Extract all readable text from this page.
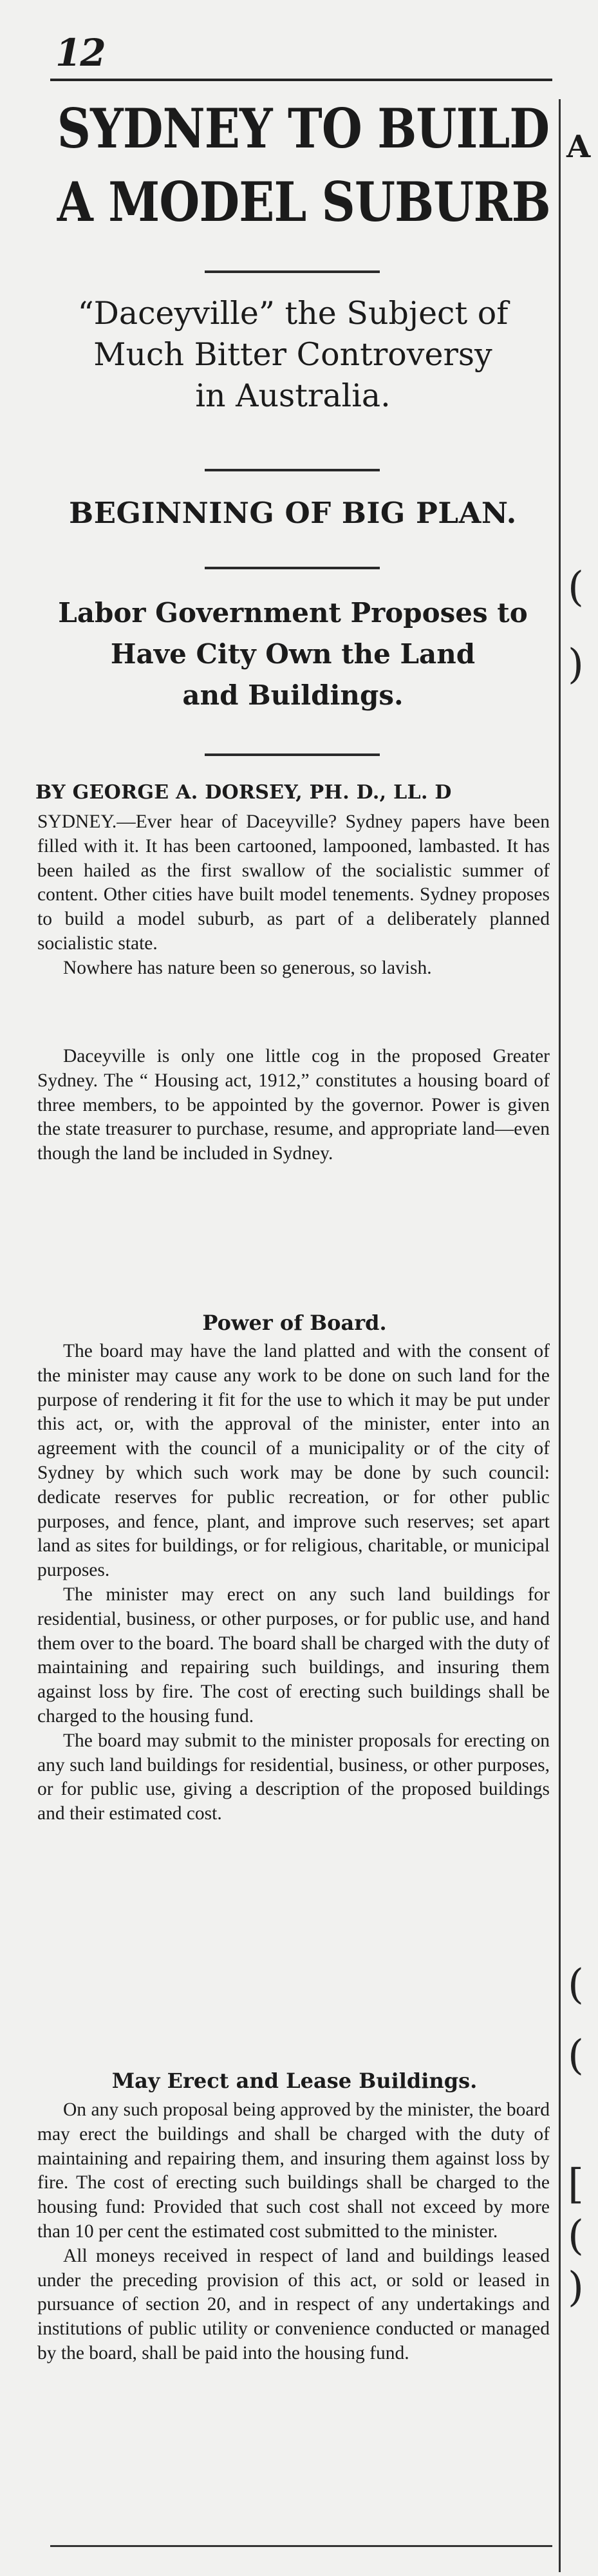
12
A
(
)
(
(
[
(
)
SYDNEY TO BUILD
A MODEL SUBURB
“Daceyville” the Subject of
Much Bitter Controversy
in Australia.
BEGINNING OF BIG PLAN.
Labor Government Proposes to
Have City Own the Land
and Buildings.
BY GEORGE A. DORSEY, PH. D., LL. D

SYDNEY.—Ever hear of Daceyville? Sydney papers have been filled with it. It has been cartooned, lampooned, lambasted. It has been hailed as the first swallow of the socialistic summer of content. Other cities have built model tenements. Sydney proposes to build a model suburb, as part of a deliberately planned socialistic state.

Nowhere has nature been so generous, so lavish.

Daceyville is only one little cog in the proposed Greater Sydney. The “ Housing act, 1912,” constitutes a housing board of three members, to be appointed by the governor. Power is given the state treasurer to purchase, resume, and appropriate land—even though the land be included in Sydney.

Power of Board.

The board may have the land platted and with the consent of the minister may cause any work to be done on such land for the purpose of rendering it fit for the use to which it may be put under this act, or, with the approval of the minister, enter into an agreement with the council of a municipality or of the city of Sydney by which such work may be done by such council: dedicate reserves for public recreation, or for other public purposes, and fence, plant, and improve such reserves; set apart land as sites for buildings, or for religious, charitable, or municipal purposes.

The minister may erect on any such land buildings for residential, business, or other purposes, or for public use, and hand them over to the board. The board shall be charged with the duty of maintaining and repairing such buildings, and insuring them against loss by fire. The cost of erecting such buildings shall be charged to the housing fund.

The board may submit to the minister proposals for erecting on any such land buildings for residential, business, or other purposes, or for public use, giving a description of the proposed buildings and their estimated cost.

May Erect and Lease Buildings.

On any such proposal being approved by the minister, the board may erect the buildings and shall be charged with the duty of maintaining and repairing them, and insuring them against loss by fire. The cost of erecting such buildings shall be charged to the housing fund: Provided that such cost shall not exceed by more than 10 per cent the estimated cost submitted to the minister.

All moneys received in respect of land and buildings leased under the preceding provision of this act, or sold or leased in pursuance of section 20, and in respect of any undertakings and institutions of public utility or convenience conducted or managed by the board, shall be paid into the housing fund.
